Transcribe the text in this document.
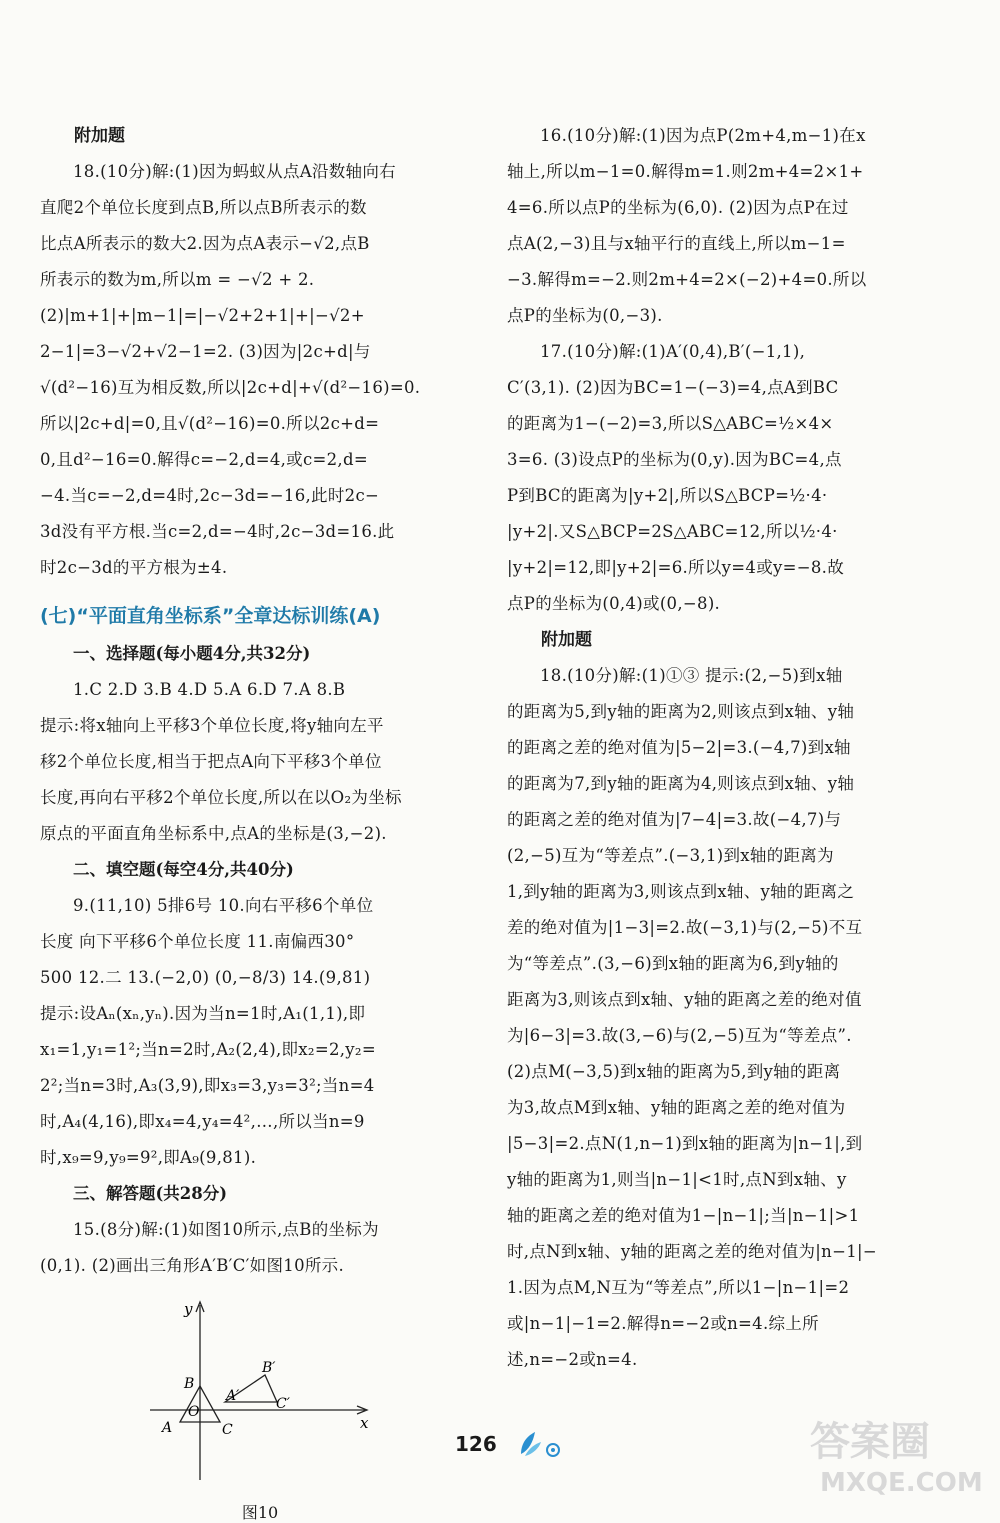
附加题

18.(10分)解:(1)因为蚂蚁从点A沿数轴向右

直爬2个单位长度到点B,所以点B所表示的数

比点A所表示的数大2.因为点A表示−√2,点B

所表示的数为m,所以m = −√2 + 2.

(2)|m+1|+|m−1|=|−√2+2+1|+|−√2+

2−1|=3−√2+√2−1=2. (3)因为|2c+d|与

√(d²−16)互为相反数,所以|2c+d|+√(d²−16)=0.

所以|2c+d|=0,且√(d²−16)=0.所以2c+d=

0,且d²−16=0.解得c=−2,d=4,或c=2,d=

−4.当c=−2,d=4时,2c−3d=−16,此时2c−

3d没有平方根.当c=2,d=−4时,2c−3d=16.此

时2c−3d的平方根为±4.

(七)“平面直角坐标系”全章达标训练(A)

一、选择题(每小题4分,共32分)

1.C 2.D 3.B 4.D 5.A 6.D 7.A 8.B

提示:将x轴向上平移3个单位长度,将y轴向左平

移2个单位长度,相当于把点A向下平移3个单位

长度,再向右平移2个单位长度,所以在以O₂为坐标

原点的平面直角坐标系中,点A的坐标是(3,−2).

二、填空题(每空4分,共40分)

9.(11,10) 5排6号 10.向右平移6个单位

长度 向下平移6个单位长度 11.南偏西30°

500 12.二 13.(−2,0) (0,−8/3) 14.(9,81)

提示:设Aₙ(xₙ,yₙ).因为当n=1时,A₁(1,1),即

x₁=1,y₁=1²;当n=2时,A₂(2,4),即x₂=2,y₂=

2²;当n=3时,A₃(3,9),即x₃=3,y₃=3²;当n=4

时,A₄(4,16),即x₄=4,y₄=4²,…,所以当n=9

时,x₉=9,y₉=9²,即A₉(9,81).

三、解答题(共28分)

15.(8分)解:(1)如图10所示,点B的坐标为

(0,1). (2)画出三角形A′B′C′如图10所示.

y
x
B
O
A	C
A′
B′
C′
图10

16.(10分)解:(1)因为点P(2m+4,m−1)在x

轴上,所以m−1=0.解得m=1.则2m+4=2×1+

4=6.所以点P的坐标为(6,0). (2)因为点P在过

点A(2,−3)且与x轴平行的直线上,所以m−1=

−3.解得m=−2.则2m+4=2×(−2)+4=0.所以

点P的坐标为(0,−3).

17.(10分)解:(1)A′(0,4),B′(−1,1),

C′(3,1). (2)因为BC=1−(−3)=4,点A到BC

的距离为1−(−2)=3,所以S△ABC=½×4×

3=6. (3)设点P的坐标为(0,y).因为BC=4,点

P到BC的距离为|y+2|,所以S△BCP=½·4·

|y+2|.又S△BCP=2S△ABC=12,所以½·4·

|y+2|=12,即|y+2|=6.所以y=4或y=−8.故

点P的坐标为(0,4)或(0,−8).

附加题

18.(10分)解:(1)①③ 提示:(2,−5)到x轴

的距离为5,到y轴的距离为2,则该点到x轴、y轴

的距离之差的绝对值为|5−2|=3.(−4,7)到x轴

的距离为7,到y轴的距离为4,则该点到x轴、y轴

的距离之差的绝对值为|7−4|=3.故(−4,7)与

(2,−5)互为“等差点”.(−3,1)到x轴的距离为

1,到y轴的距离为3,则该点到x轴、y轴的距离之

差的绝对值为|1−3|=2.故(−3,1)与(2,−5)不互

为“等差点”.(3,−6)到x轴的距离为6,到y轴的

距离为3,则该点到x轴、y轴的距离之差的绝对值

为|6−3|=3.故(3,−6)与(2,−5)互为“等差点”.

(2)点M(−3,5)到x轴的距离为5,到y轴的距离

为3,故点M到x轴、y轴的距离之差的绝对值为

|5−3|=2.点N(1,n−1)到x轴的距离为|n−1|,到

y轴的距离为1,则当|n−1|<1时,点N到x轴、y

轴的距离之差的绝对值为1−|n−1|;当|n−1|>1

时,点N到x轴、y轴的距离之差的绝对值为|n−1|−

1.因为点M,N互为“等差点”,所以1−|n−1|=2

或|n−1|−1=2.解得n=−2或n=4.综上所

述,n=−2或n=4.

126	答案圈
MXQE.COM
